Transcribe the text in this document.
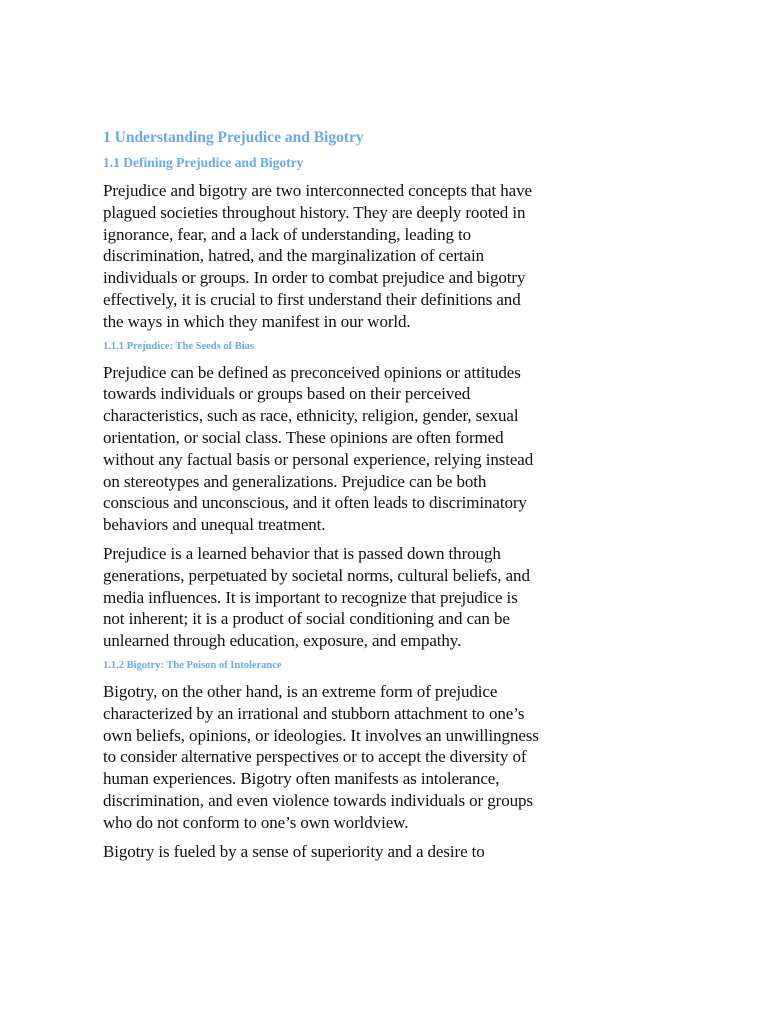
1 Understanding Prejudice and Bigotry
1.1 Defining Prejudice and Bigotry

Prejudice and bigotry are two interconnected concepts that have plagued societies throughout history. They are deeply rooted in ignorance, fear, and a lack of understanding, leading to discrimination, hatred, and the marginalization of certain individuals or groups. In order to combat prejudice and bigotry effectively, it is crucial to first understand their definitions and the ways in which they manifest in our world.

1.1.1 Prejudice: The Seeds of Bias

Prejudice can be defined as preconceived opinions or attitudes towards individuals or groups based on their perceived characteristics, such as race, ethnicity, religion, gender, sexual orientation, or social class. These opinions are often formed without any factual basis or personal experience, relying instead on stereotypes and generalizations. Prejudice can be both conscious and unconscious, and it often leads to discriminatory behaviors and unequal treatment.

Prejudice is a learned behavior that is passed down through generations, perpetuated by societal norms, cultural beliefs, and media influences. It is important to recognize that prejudice is not inherent; it is a product of social conditioning and can be unlearned through education, exposure, and empathy.

1.1.2 Bigotry: The Poison of Intolerance

Bigotry, on the other hand, is an extreme form of prejudice characterized by an irrational and stubborn attachment to one’s own beliefs, opinions, or ideologies. It involves an unwillingness to consider alternative perspectives or to accept the diversity of human experiences. Bigotry often manifests as intolerance, discrimination, and even violence towards individuals or groups who do not conform to one’s own worldview.

Bigotry is fueled by a sense of superiority and a desire to
